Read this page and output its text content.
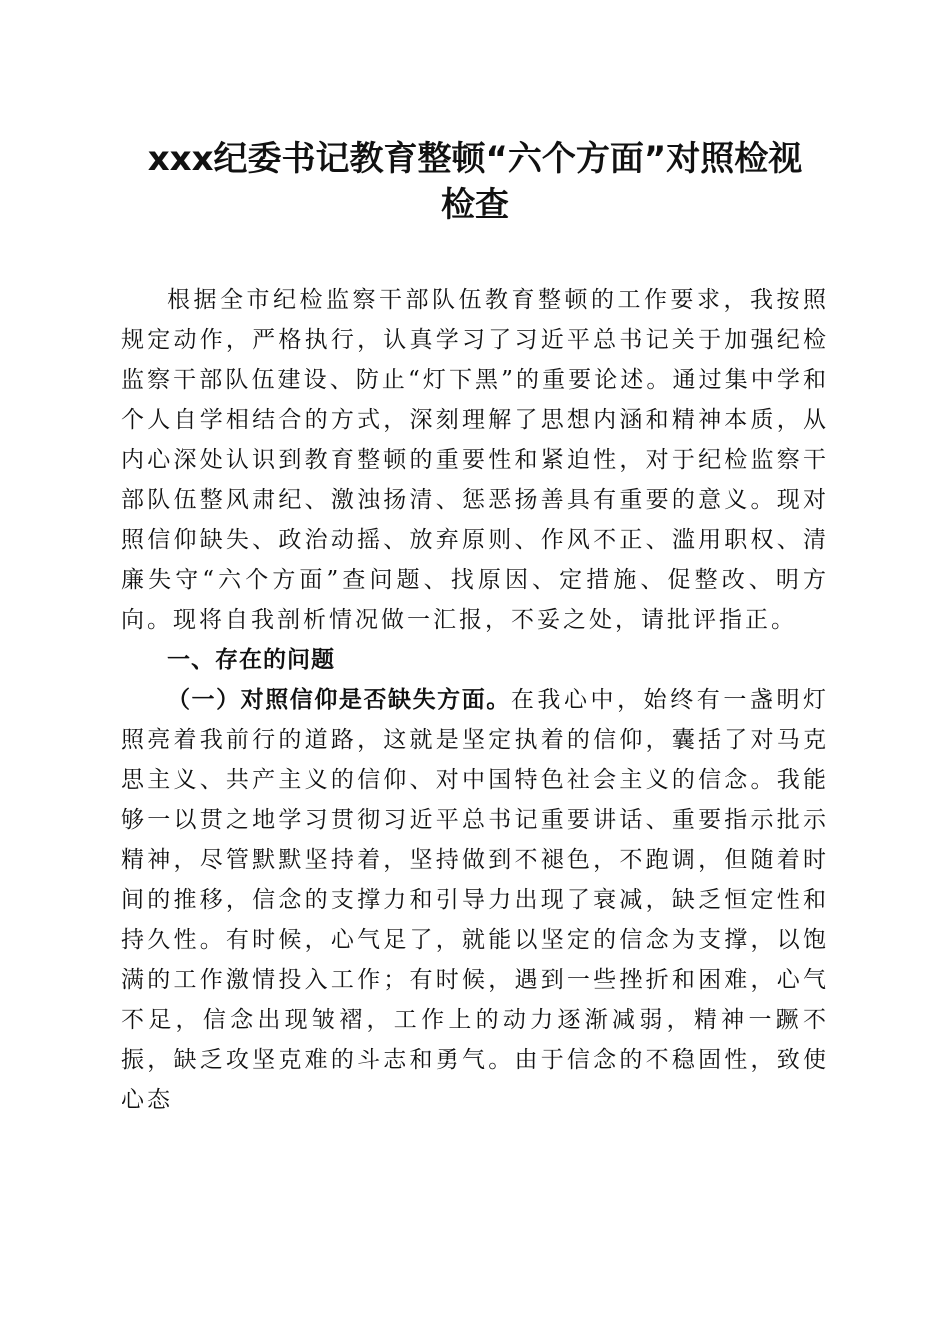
xxx纪委书记教育整顿“六个方面”对照检视
检查

根据全市纪检监察干部队伍教育整顿的工作要求，我按照规定动作，严格执行，认真学习了习近平总书记关于加强纪检监察干部队伍建设、防止“灯下黑”的重要论述。通过集中学和个人自学相结合的方式，深刻理解了思想内涵和精神本质，从内心深处认识到教育整顿的重要性和紧迫性，对于纪检监察干部队伍整风肃纪、激浊扬清、惩恶扬善具有重要的意义。现对照信仰缺失、政治动摇、放弃原则、作风不正、滥用职权、清廉失守“六个方面”查问题、找原因、定措施、促整改、明方向。现将自我剖析情况做一汇报，不妥之处，请批评指正。

一、存在的问题

（一）对照信仰是否缺失方面。在我心中，始终有一盏明灯照亮着我前行的道路，这就是坚定执着的信仰，囊括了对马克思主义、共产主义的信仰、对中国特色社会主义的信念。我能够一以贯之地学习贯彻习近平总书记重要讲话、重要指示批示精神，尽管默默坚持着，坚持做到不褪色，不跑调，但随着时间的推移，信念的支撑力和引导力出现了衰减，缺乏恒定性和持久性。有时候，心气足了，就能以坚定的信念为支撑，以饱满的工作激情投入工作；有时候，遇到一些挫折和困难，心气不足，信念出现皱褶，工作上的动力逐渐减弱，精神一蹶不振，缺乏攻坚克难的斗志和勇气。由于信念的不稳固性，致使心态
